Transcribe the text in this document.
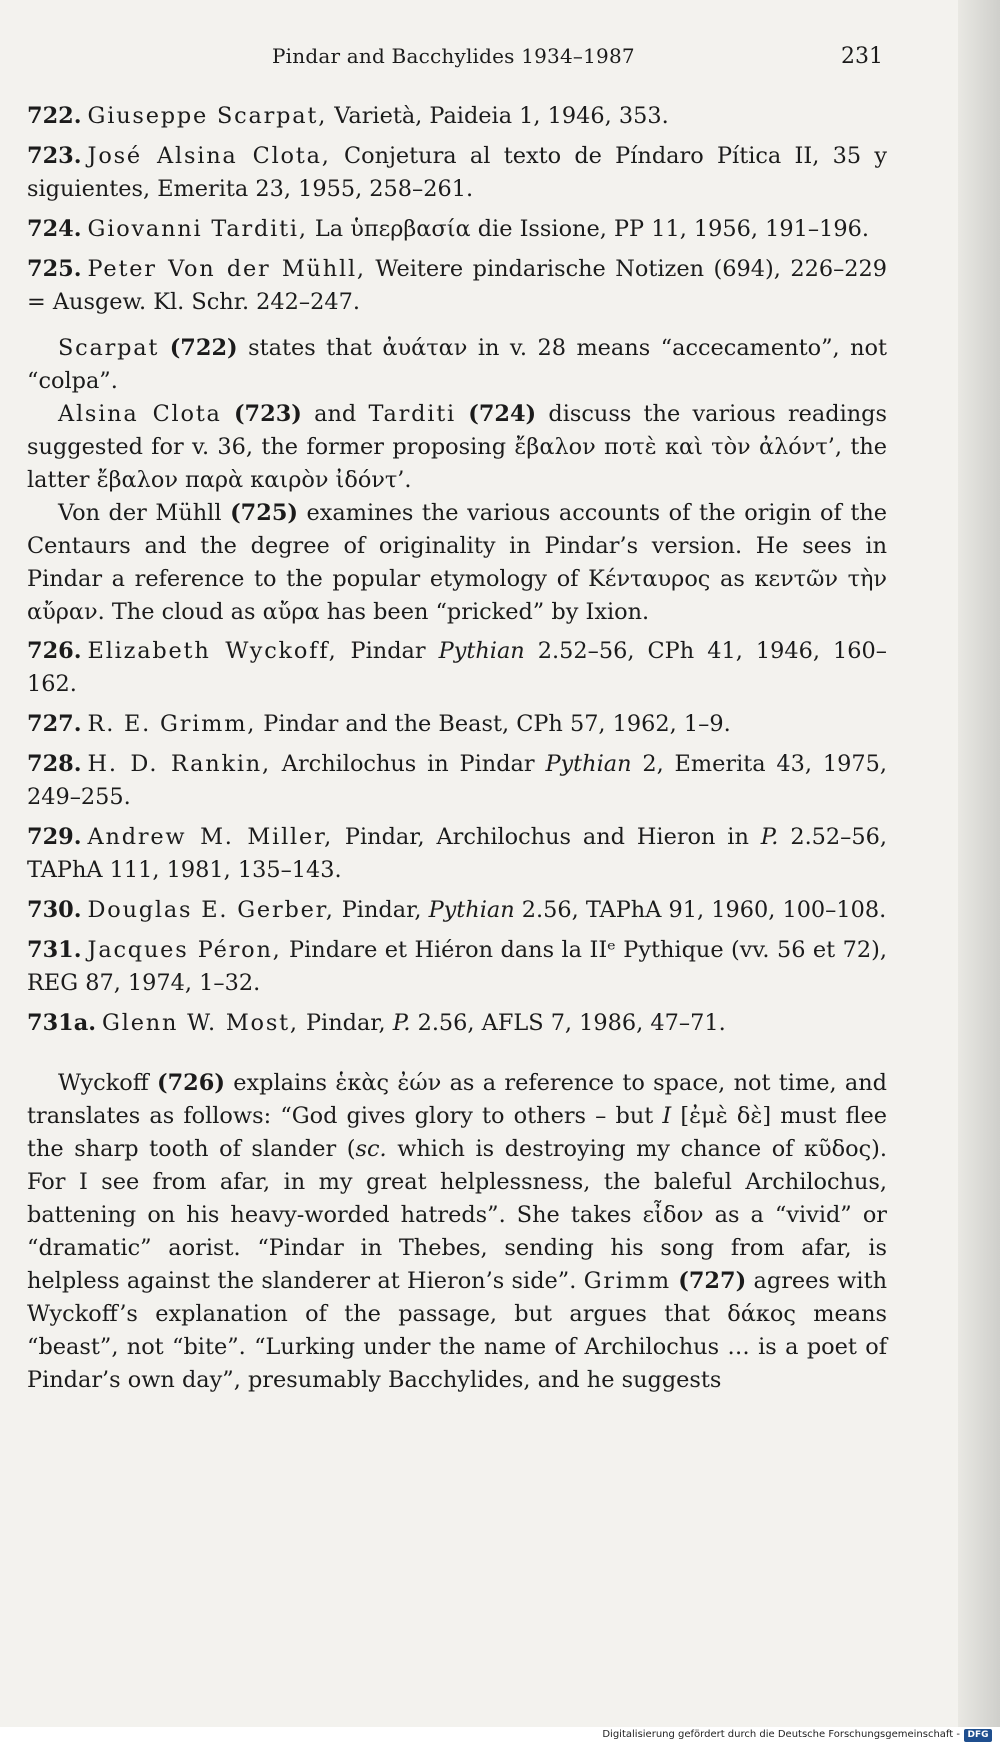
Pindar and Bacchylides 1934–1987	231

722. Giuseppe Scarpat, Varietà, Paideia 1, 1946, 353.

723. José Alsina Clota, Conjetura al texto de Píndaro Pítica II, 35 y siguientes, Emerita 23, 1955, 258–261.

724. Giovanni Tarditi, La ὑπερβασία die Issione, PP 11, 1956, 191–196.

725. Peter Von der Mühll, Weitere pindarische Notizen (694), 226–229 = Ausgew. Kl. Schr. 242–247.

Scarpat (722) states that ἀυάταν in v. 28 means “accecamento”, not “colpa”.

Alsina Clota (723) and Tarditi (724) discuss the various readings suggested for v. 36, the former proposing ἔβαλον ποτὲ καὶ τὸν ἀλόντ’, the latter ἔβαλον παρὰ καιρὸν ἰδόντ’.

Von der Mühll (725) examines the various accounts of the origin of the Centaurs and the degree of originality in Pindar’s version. He sees in Pindar a reference to the popular etymology of Κένταυρος as κεντῶν τὴν αὔραν. The cloud as αὔρα has been “pricked” by Ixion.

726. Elizabeth Wyckoff, Pindar Pythian 2.52–56, CPh 41, 1946, 160–162.

727. R. E. Grimm, Pindar and the Beast, CPh 57, 1962, 1–9.

728. H. D. Rankin, Archilochus in Pindar Pythian 2, Emerita 43, 1975, 249–255.

729. Andrew M. Miller, Pindar, Archilochus and Hieron in P. 2.52–56, TAPhA 111, 1981, 135–143.

730. Douglas E. Gerber, Pindar, Pythian 2.56, TAPhA 91, 1960, 100–108.

731. Jacques Péron, Pindare et Hiéron dans la IIᵉ Pythique (vv. 56 et 72), REG 87, 1974, 1–32.

731a. Glenn W. Most, Pindar, P. 2.56, AFLS 7, 1986, 47–71.

Wyckoff (726) explains ἑκὰς ἐών as a reference to space, not time, and translates as follows: “God gives glory to others – but I [ἐμὲ δὲ] must flee the sharp tooth of slander (sc. which is destroying my chance of κῦδος). For I see from afar, in my great helplessness, the baleful Archilochus, battening on his heavy-worded hatreds”. She takes εἶδον as a “vivid” or “dramatic” aorist. “Pindar in Thebes, sending his song from afar, is helpless against the slanderer at Hieron’s side”. Grimm (727) agrees with Wyckoff’s explanation of the passage, but argues that δάκος means “beast”, not “bite”. “Lurking under the name of Archilochus … is a poet of Pindar’s own day”, presumably Bacchylides, and he suggests

Digitalisierung gefördert durch die Deutsche Forschungsgemeinschaft - DFG
